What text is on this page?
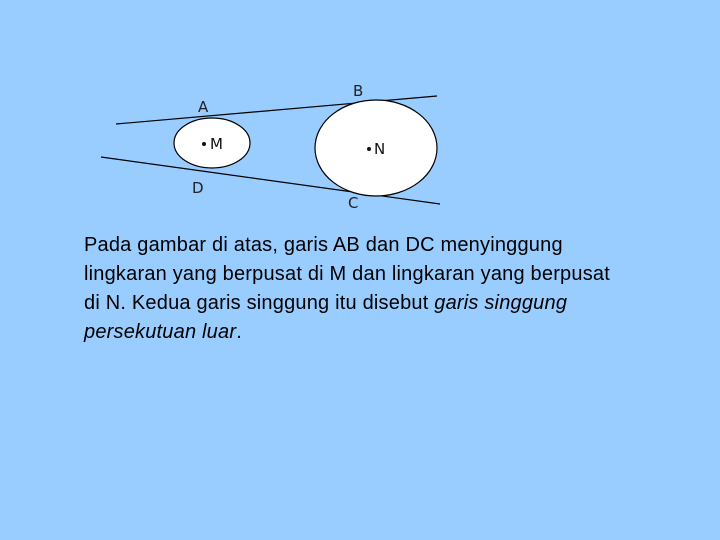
M	N
A
B
D
C
Pada gambar di atas, garis AB dan DC menyinggung lingkaran yang berpusat di M dan lingkaran yang berpusat di N. Kedua garis singgung itu disebut garis singgung persekutuan luar.
